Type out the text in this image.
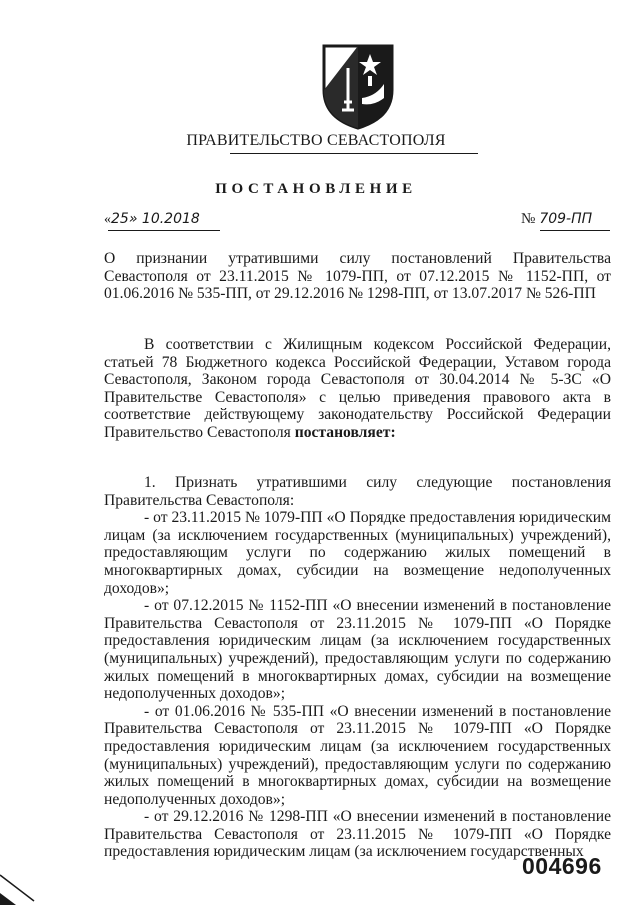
ПРАВИТЕЛЬСТВО СЕВАСТОПОЛЯ
ПОСТАНОВЛЕНИЕ
«25» 10.2018	№ 709-ПП

О признании утратившими силу постановлений Правительства Севастополя от 23.11.2015 № 1079-ПП, от 07.12.2015 № 1152-ПП, от 01.06.2016 № 535-ПП, от 29.12.2016 № 1298-ПП, от 13.07.2017 № 526-ПП

В соответствии с Жилищным кодексом Российской Федерации, статьей 78 Бюджетного кодекса Российской Федерации, Уставом города Севастополя, Законом города Севастополя от 30.04.2014 № 5-ЗС «О Правительстве Севастополя» с целью приведения правового акта в соответствие действующему законодательству Российской Федерации Правительство Севастополя постановляет:

1. Признать утратившими силу следующие постановления Правительства Севастополя:

- от 23.11.2015 № 1079-ПП «О Порядке предоставления юридическим лицам (за исключением государственных (муниципальных) учреждений), предоставляющим услуги по содержанию жилых помещений в многоквартирных домах, субсидии на возмещение недополученных доходов»;

- от 07.12.2015 № 1152-ПП «О внесении изменений в постановление Правительства Севастополя от 23.11.2015 № 1079-ПП «О Порядке предоставления юридическим лицам (за исключением государственных (муниципальных) учреждений), предоставляющим услуги по содержанию жилых помещений в многоквартирных домах, субсидии на возмещение недополученных доходов»;

- от 01.06.2016 № 535-ПП «О внесении изменений в постановление Правительства Севастополя от 23.11.2015 № 1079-ПП «О Порядке предоставления юридическим лицам (за исключением государственных (муниципальных) учреждений), предоставляющим услуги по содержанию жилых помещений в многоквартирных домах, субсидии на возмещение недополученных доходов»;

- от 29.12.2016 № 1298-ПП «О внесении изменений в постановление Правительства Севастополя от 23.11.2015 № 1079-ПП «О Порядке предоставления юридическим лицам (за исключением государственных

004696
